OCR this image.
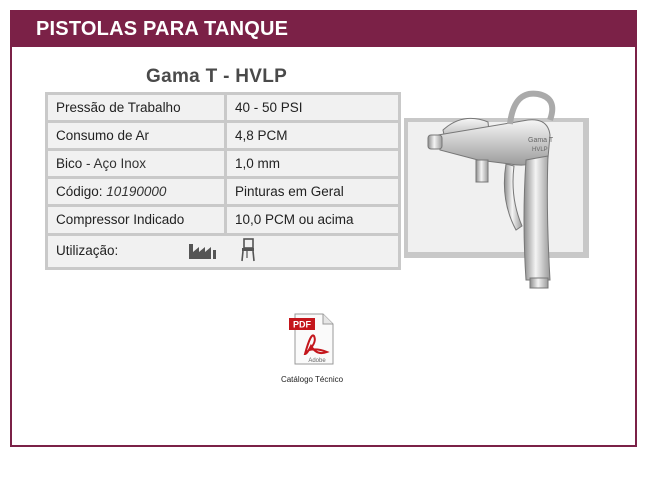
PISTOLAS PARA TANQUE
Gama T - HVLP
Pressão de Trabalho	40 - 50 PSI
Consumo de Ar	4,8 PCM
Bico - Aço Inox	1,0 mm
Código: 10190000	Pinturas em Geral
Compressor Indicado	10,0 PCM ou acima
Utilização:	
Gama T
HVLP
PDF
Adobe
Catálogo Técnico
